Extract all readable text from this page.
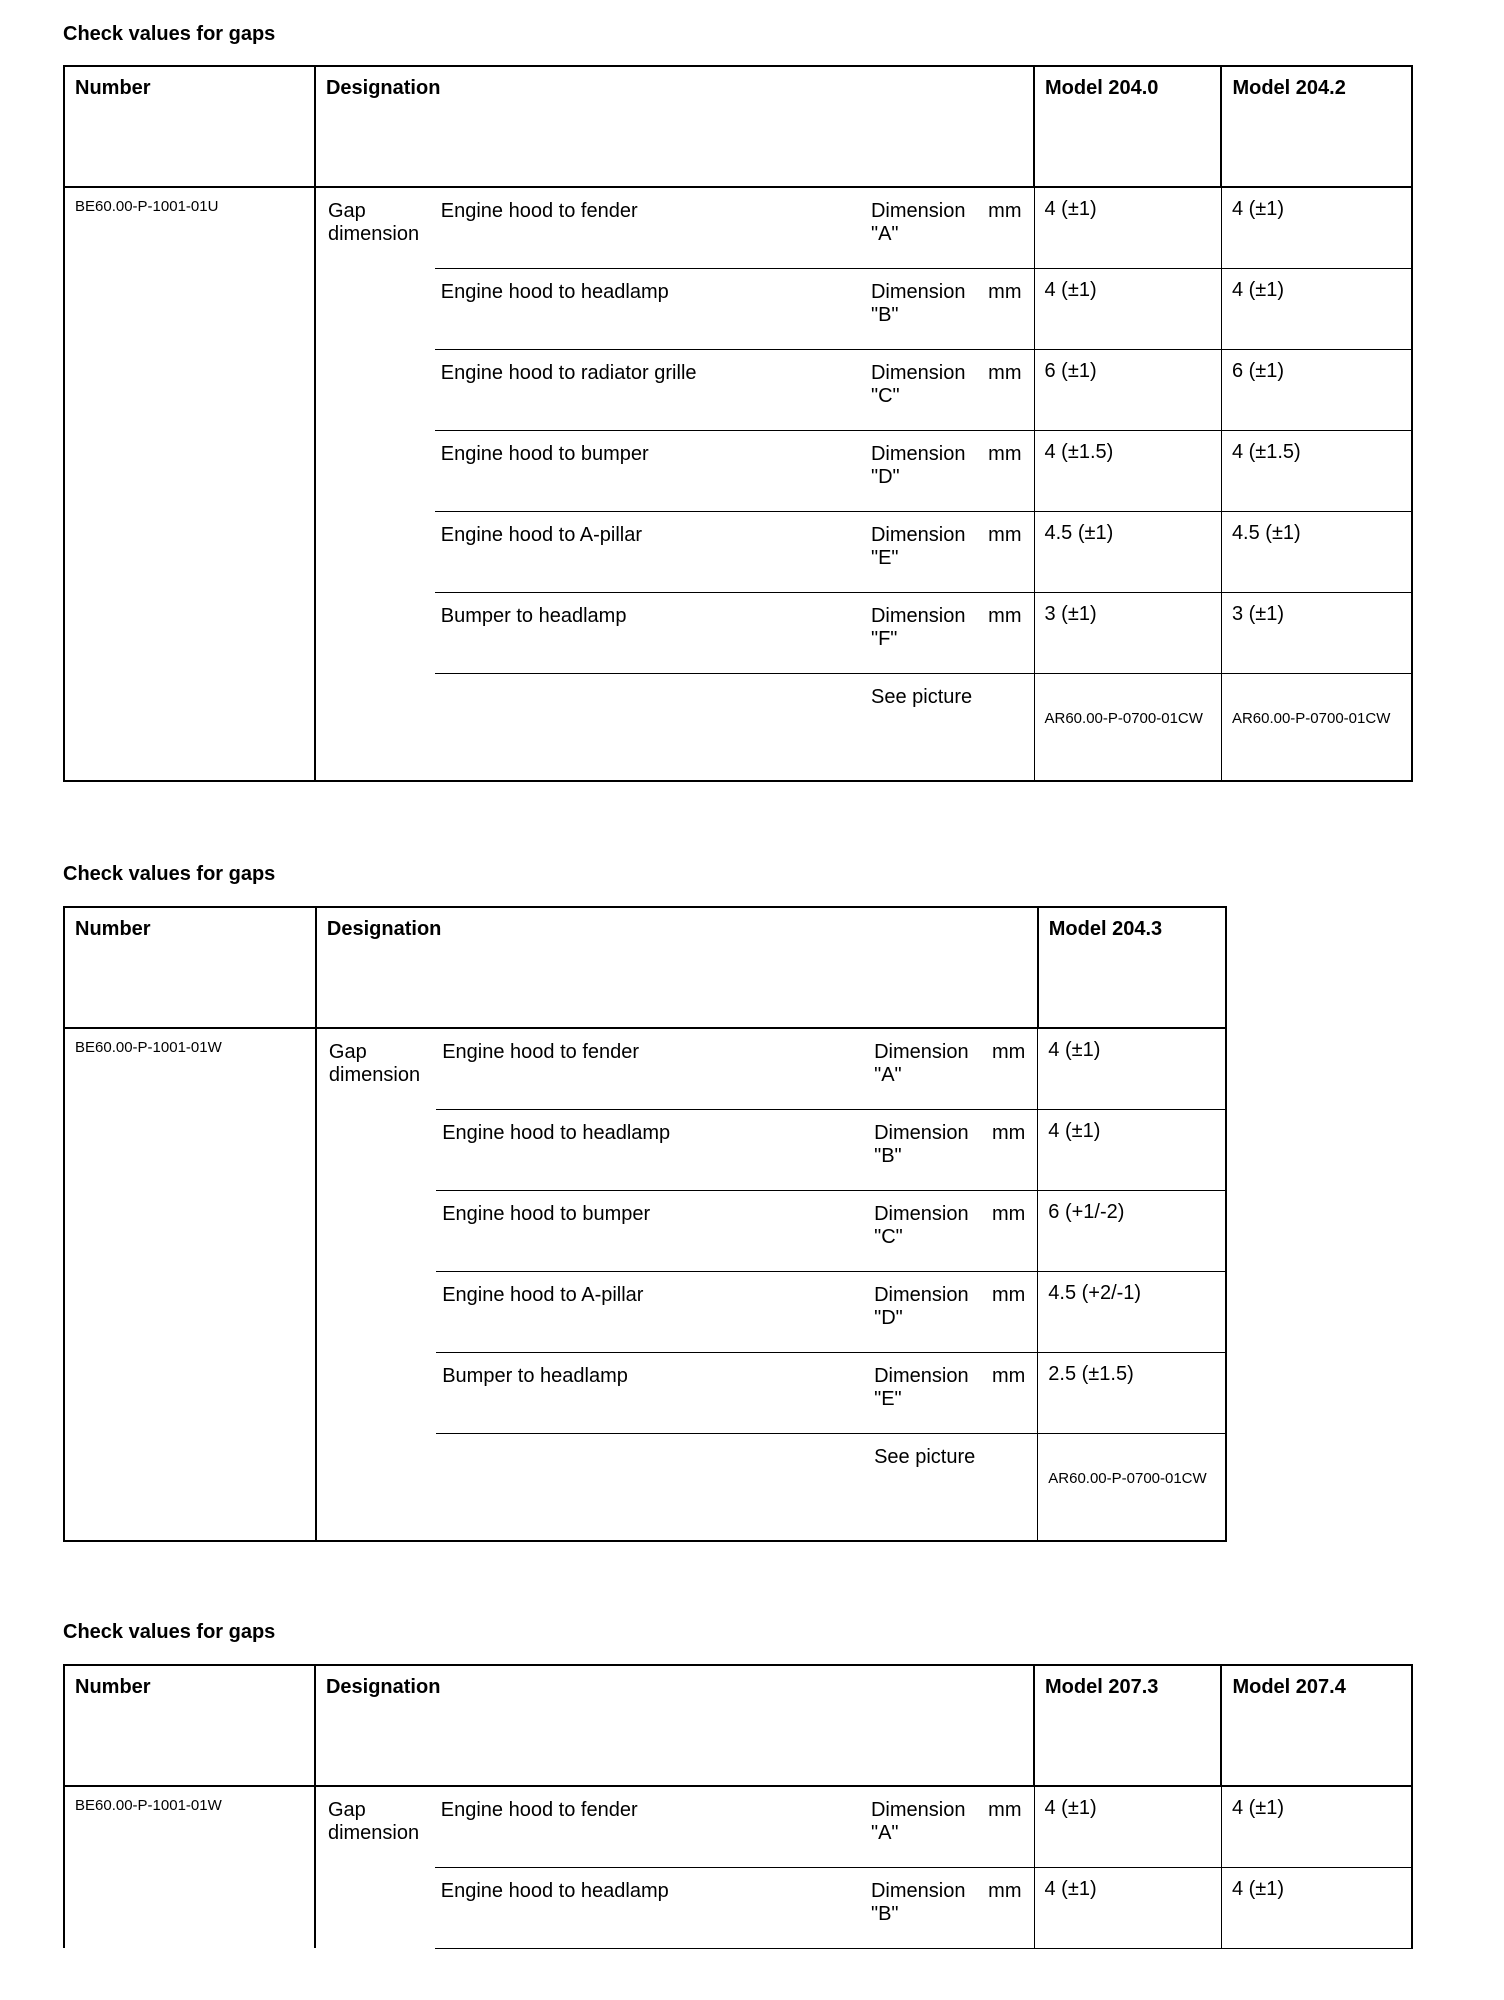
Check values for gaps
Number	Designation				Model 204.0	Model 204.2
BE60.00-P-1001-01U	Gap dimension	Engine hood to fender	Dimension "A"	mm	4 (±1)	4 (±1)
		Engine hood to headlamp	Dimension "B"	mm	4 (±1)	4 (±1)
		Engine hood to radiator grille	Dimension "C"	mm	6 (±1)	6 (±1)
		Engine hood to bumper	Dimension "D"	mm	4 (±1.5)	4 (±1.5)
		Engine hood to A-pillar	Dimension "E"	mm	4.5 (±1)	4.5 (±1)
		Bumper to headlamp	Dimension "F"	mm	3 (±1)	3 (±1)
			See picture		AR60.00-P-0700-01CW	AR60.00-P-0700-01CW
Check values for gaps
Number	Designation				Model 204.3
BE60.00-P-1001-01W	Gap dimension	Engine hood to fender	Dimension "A"	mm	4 (±1)
		Engine hood to headlamp	Dimension "B"	mm	4 (±1)
		Engine hood to bumper	Dimension "C"	mm	6 (+1/-2)
		Engine hood to A-pillar	Dimension "D"	mm	4.5 (+2/-1)
		Bumper to headlamp	Dimension "E"	mm	2.5 (±1.5)
			See picture		AR60.00-P-0700-01CW
Check values for gaps
Number	Designation				Model 207.3	Model 207.4
BE60.00-P-1001-01W	Gap dimension	Engine hood to fender	Dimension "A"	mm	4 (±1)	4 (±1)
		Engine hood to headlamp	Dimension "B"	mm	4 (±1)	4 (±1)
